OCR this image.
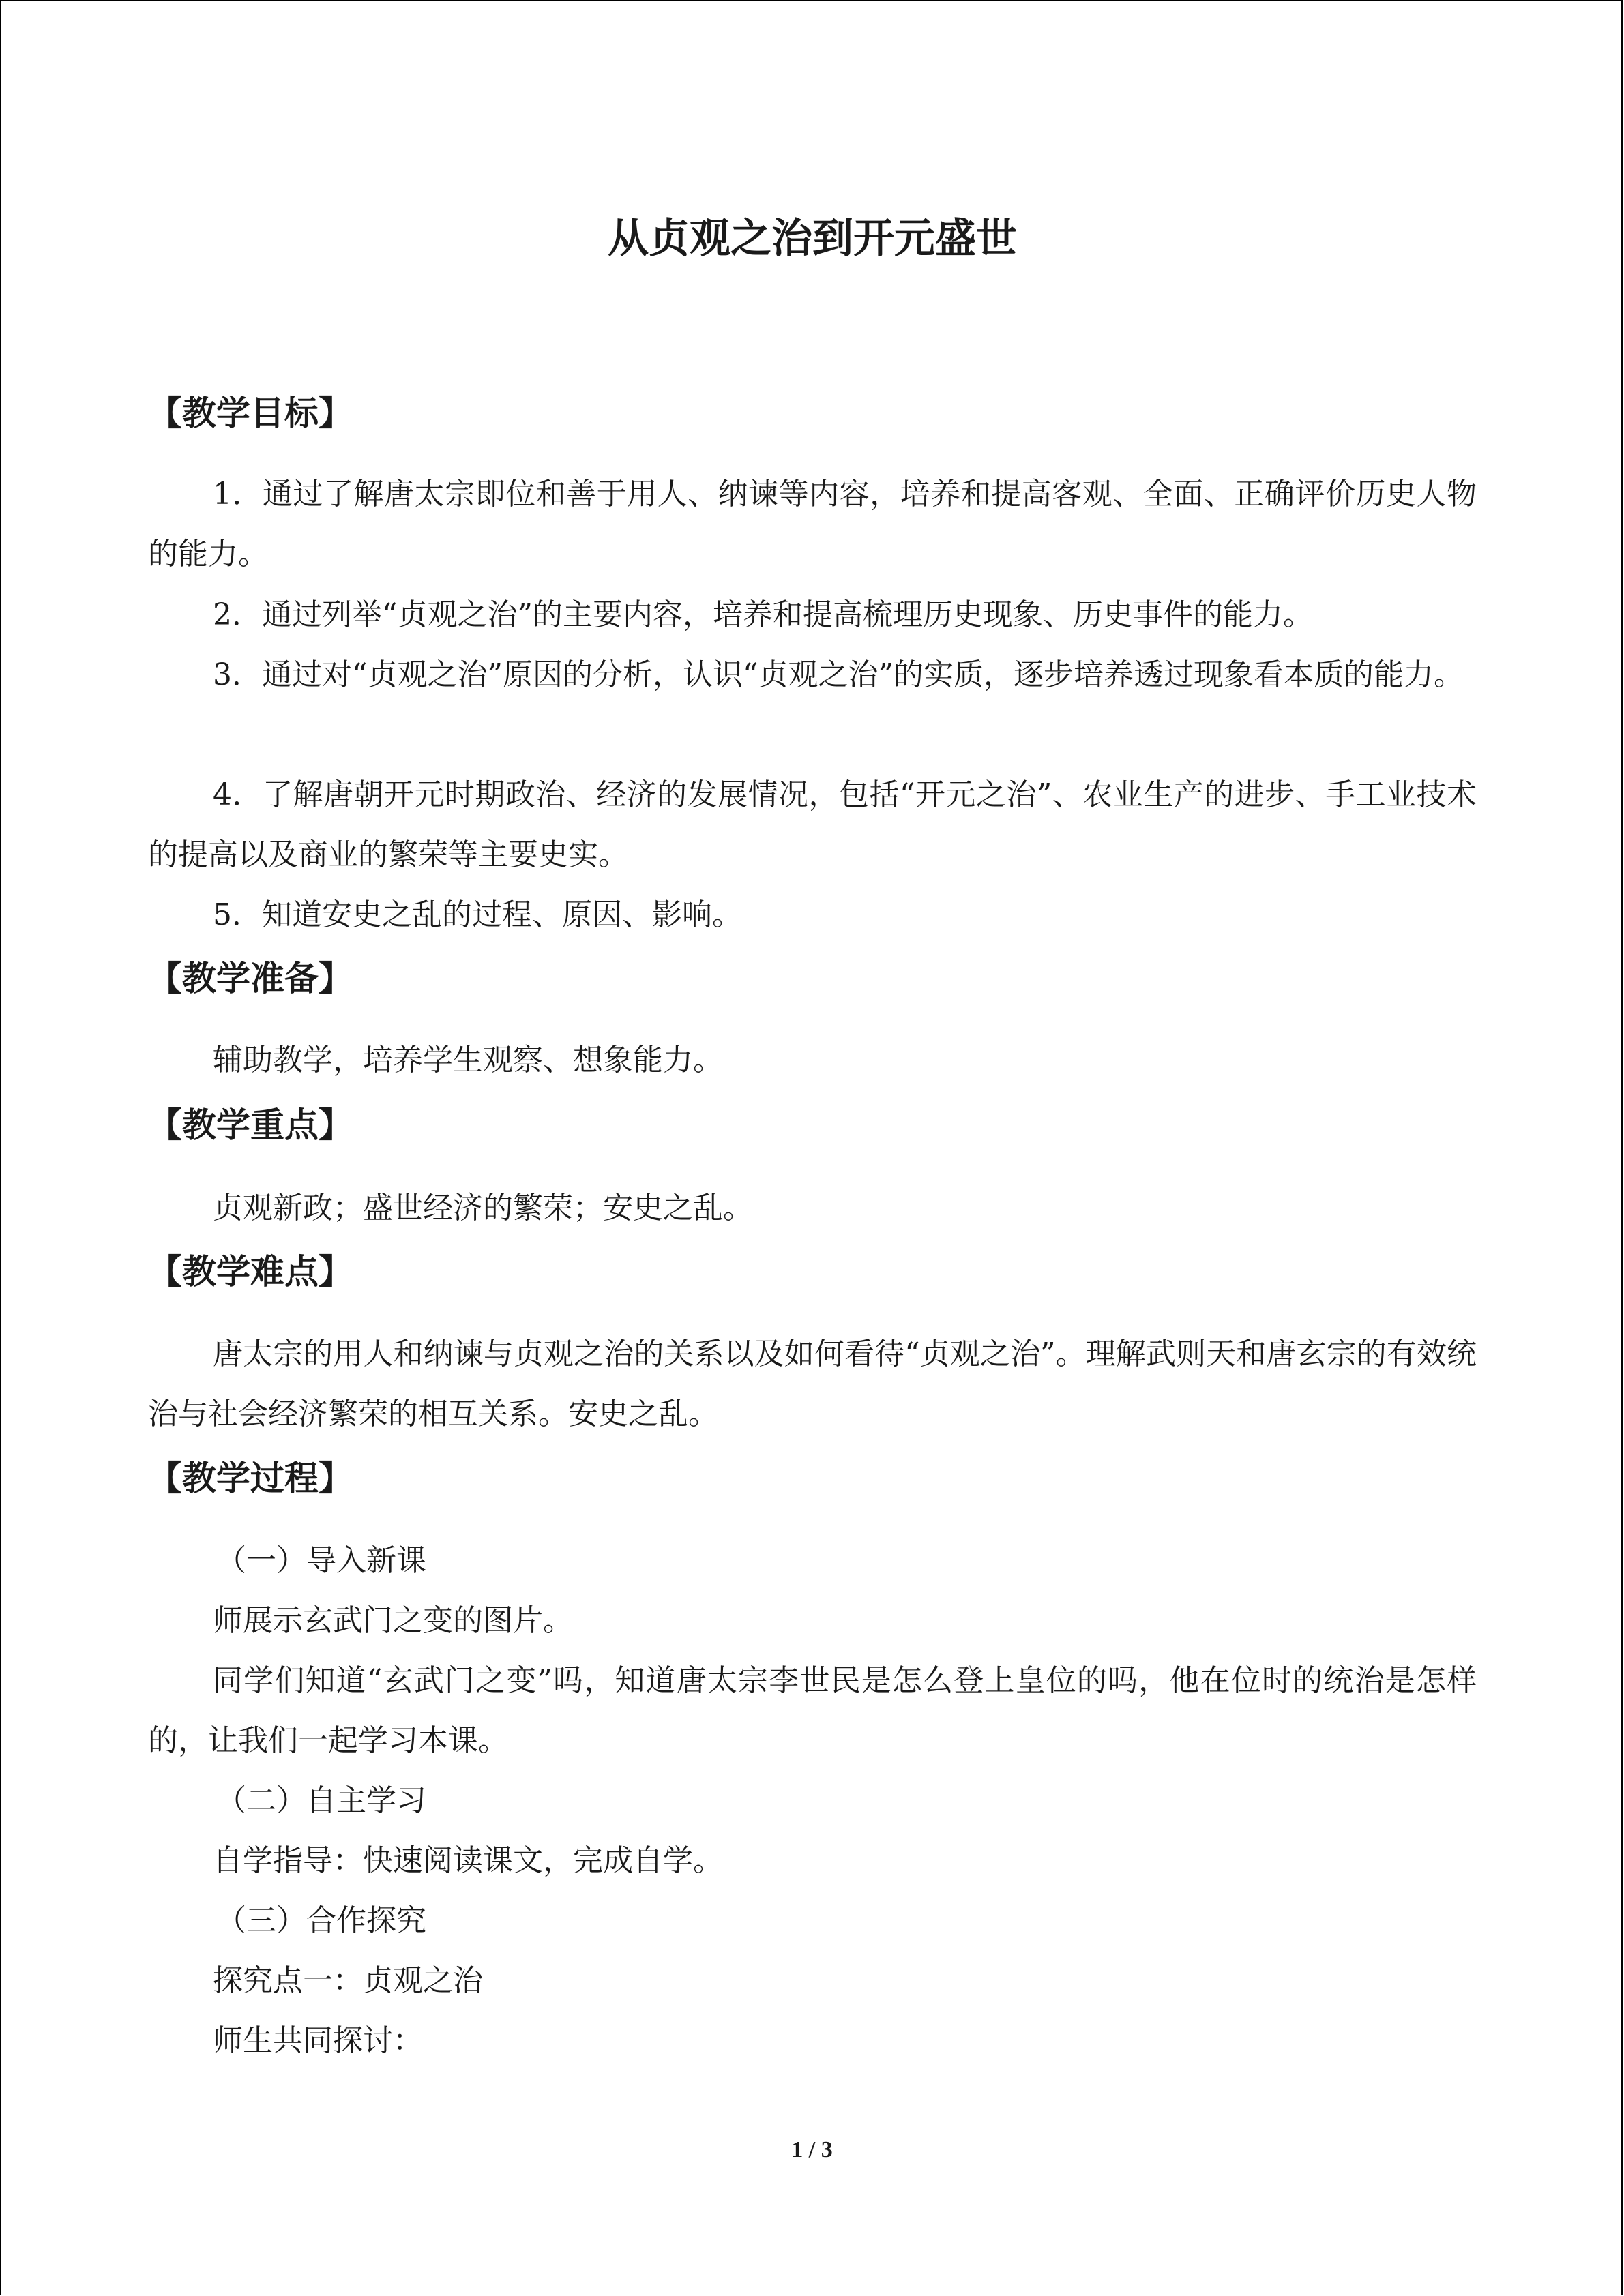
从贞观之治到开元盛世
【教学目标】

1．通过了解唐太宗即位和善于用人、纳谏等内容，培养和提高客观、全面、正确评价历史人物的能力。

2．通过列举“贞观之治”的主要内容，培养和提高梳理历史现象、历史事件的能力。

3．通过对“贞观之治”原因的分析，认识“贞观之治”的实质，逐步培养透过现象看本质的能力。

4．了解唐朝开元时期政治、经济的发展情况，包括“开元之治”、农业生产的进步、手工业技术的提高以及商业的繁荣等主要史实。

5．知道安史之乱的过程、原因、影响。

【教学准备】

辅助教学，培养学生观察、想象能力。

【教学重点】

贞观新政；盛世经济的繁荣；安史之乱。

【教学难点】

唐太宗的用人和纳谏与贞观之治的关系以及如何看待“贞观之治”。理解武则天和唐玄宗的有效统治与社会经济繁荣的相互关系。安史之乱。

【教学过程】

（一）导入新课

师展示玄武门之变的图片。

同学们知道“玄武门之变”吗，知道唐太宗李世民是怎么登上皇位的吗，他在位时的统治是怎样的，让我们一起学习本课。

（二）自主学习

自学指导：快速阅读课文，完成自学。

（三）合作探究

探究点一：贞观之治

师生共同探讨：

1 / 3
